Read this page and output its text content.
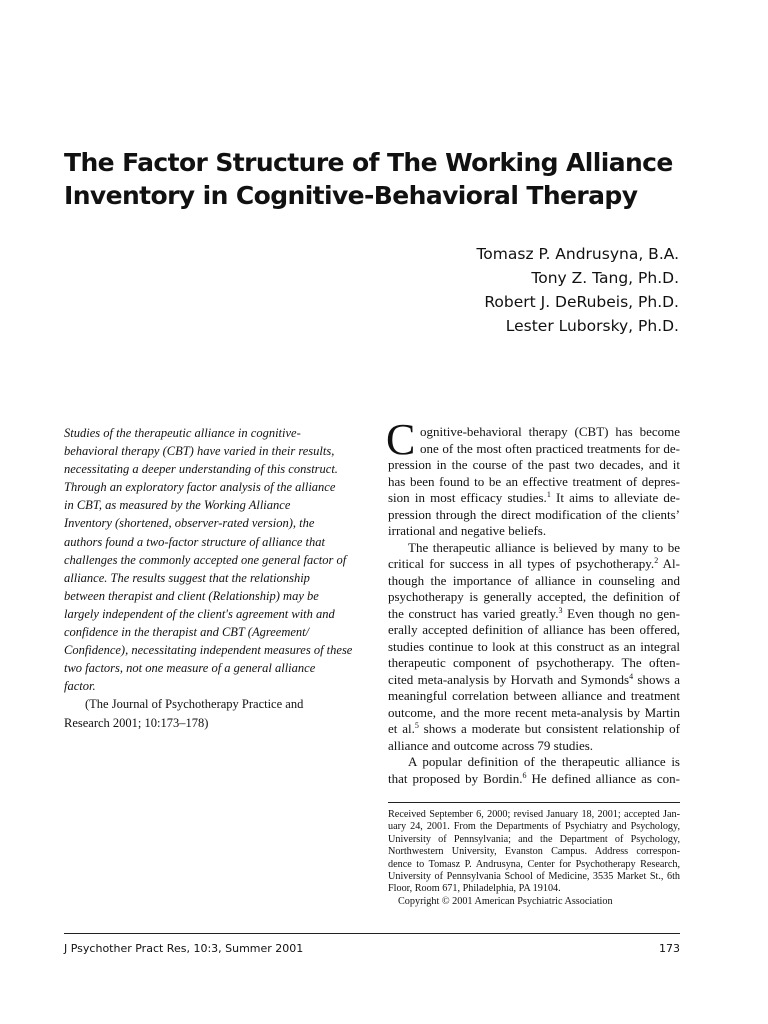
The Factor Structure of The Working Alliance
Inventory in Cognitive-Behavioral Therapy
Tomasz P. Andrusyna, B.A.
Tony Z. Tang, Ph.D.
Robert J. DeRubeis, Ph.D.
Lester Luborsky, Ph.D.
Studies of the therapeutic alliance in cognitive-
behavioral therapy (CBT) have varied in their results,
necessitating a deeper understanding of this construct.
Through an exploratory factor analysis of the alliance
in CBT, as measured by the Working Alliance
Inventory (shortened, observer-rated version), the
authors found a two-factor structure of alliance that
challenges the commonly accepted one general factor of
alliance. The results suggest that the relationship
between therapist and client (Relationship) may be
largely independent of the client's agreement with and
confidence in the therapist and CBT (Agreement/
Confidence), necessitating independent measures of these
two factors, not one measure of a general alliance
factor.
(The Journal of Psychotherapy Practice and
Research 2001; 10:173–178)
C ognitive-behavioral therapy (CBT) has become
one of the most often practiced treatments for de-
pression in the course of the past two decades, and it
has been found to be an effective treatment of depres-
sion in most efficacy studies.$^1$ It aims to alleviate de-
pression through the direct modification of the clients’
irrational and negative beliefs.
The therapeutic alliance is believed by many to be
critical for success in all types of psychotherapy.$^2$ Al-
though the importance of alliance in counseling and
psychotherapy is generally accepted, the definition of
the construct has varied greatly.$^3$ Even though no gen-
erally accepted definition of alliance has been offered,
studies continue to look at this construct as an integral
therapeutic component of psychotherapy. The often-
cited meta-analysis by Horvath and Symonds$^4$ shows a
meaningful correlation between alliance and treatment
outcome, and the more recent meta-analysis by Martin
et al.$^5$ shows a moderate but consistent relationship of
alliance and outcome across 79 studies.
A popular definition of the therapeutic alliance is
that proposed by Bordin.$^6$ He defined alliance as con-
Received September 6, 2000; revised January 18, 2001; accepted Jan-
uary 24, 2001. From the Departments of Psychiatry and Psychology,
University of Pennsylvania; and the Department of Psychology,
Northwestern University, Evanston Campus. Address correspon-
dence to Tomasz P. Andrusyna, Center for Psychotherapy Research,
University of Pennsylvania School of Medicine, 3535 Market St., 6th
Floor, Room 671, Philadelphia, PA 19104.
Copyright © 2001 American Psychiatric Association
J Psychother Pract Res, 10:3, Summer 2001	173
